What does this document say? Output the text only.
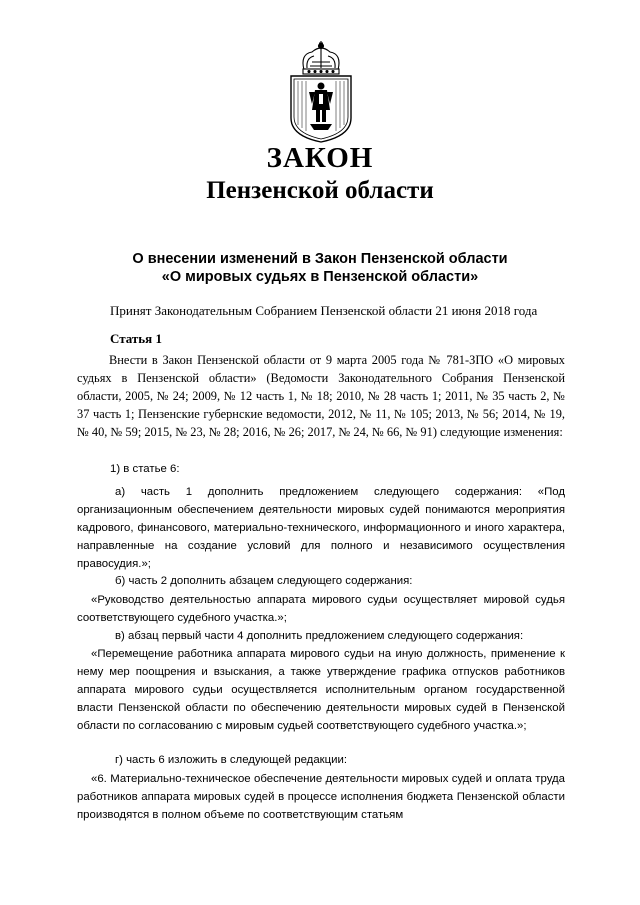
ЗАКОН
Пензенской области
О внесении изменений в Закон Пензенской области
«О мировых судьях в Пензенской области»
Принят Законодательным Собранием Пензенской области 21 июня 2018 года
Статья 1

Внести в Закон Пензенской области от 9 марта 2005 года № 781-ЗПО «О мировых судьях в Пензенской области» (Ведомости Законодательного Собрания Пензенской области, 2005, № 24; 2009, № 12 часть 1, № 18; 2010, № 28 часть 1; 2011, № 35 часть 2, № 37 часть 1; Пензенские губернские ведомости, 2012, № 11, № 105; 2013, № 56; 2014, № 19, № 40, № 59; 2015, № 23, № 28; 2016, № 26; 2017, № 24, № 66, № 91) следующие изменения:

1) в статье 6:

а) часть 1 дополнить предложением следующего содержания: «Под организационным обеспечением деятельности мировых судей понимаются мероприятия кадрового, финансового, материально-технического, информационного и иного характера, направленные на создание условий для полного и независимого осуществления правосудия.»;

б) часть 2 дополнить абзацем следующего содержания:

«Руководство деятельностью аппарата мирового судьи осуществляет мировой судья соответствующего судебного участка.»;

в) абзац первый части 4 дополнить предложением следующего содержания:

«Перемещение работника аппарата мирового судьи на иную должность, применение к нему мер поощрения и взыскания, а также утверждение графика отпусков работников аппарата мирового судьи осуществляется исполнительным органом государственной власти Пензенской области по обеспечению деятельности мировых судей в Пензенской области по согласованию с мировым судьей соответствующего судебного участка.»;

г) часть 6 изложить в следующей редакции:

«6. Материально-техническое обеспечение деятельности мировых судей и оплата труда работников аппарата мировых судей в процессе исполнения бюджета Пензенской области производятся в полном объеме по соответствующим статьям
